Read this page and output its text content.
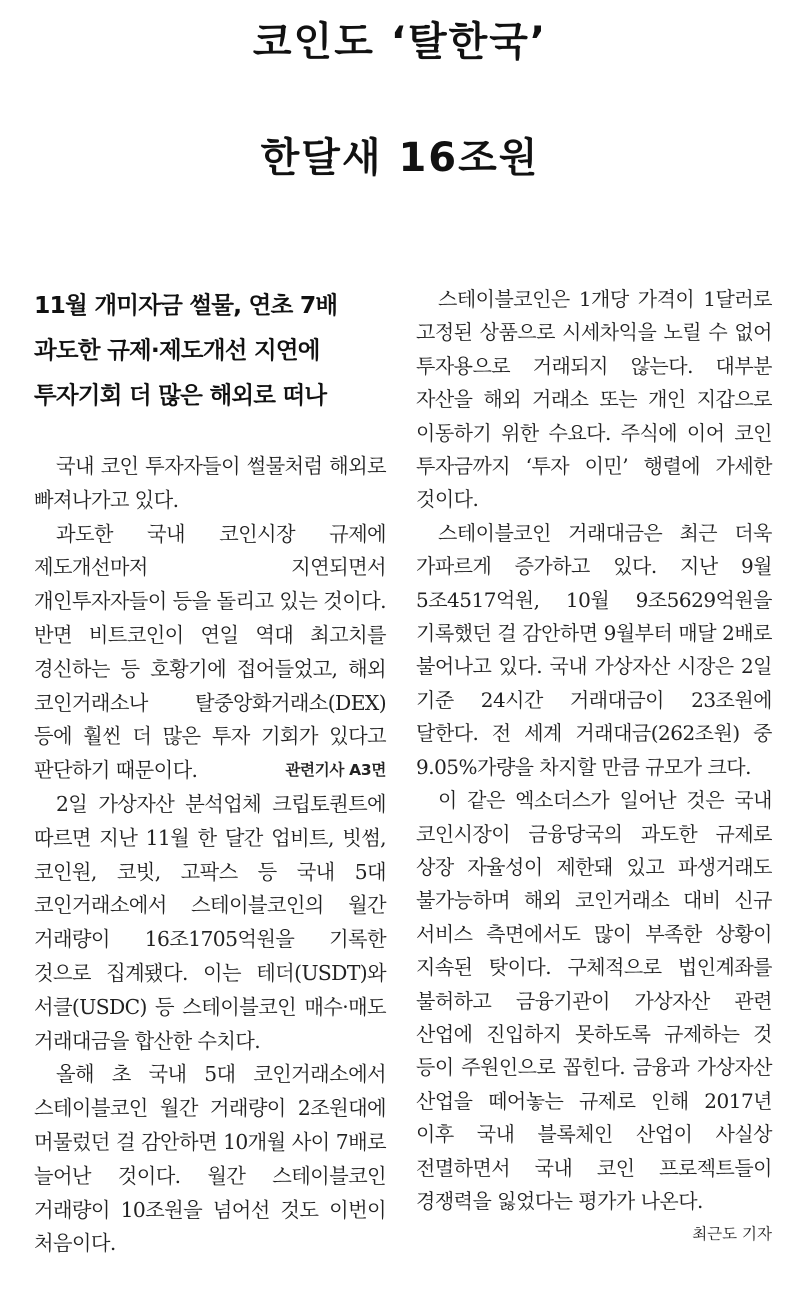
코인도 ‘탈한국’
한달새 16조원
11월 개미자금 썰물, 연초 7배
과도한 규제·제도개선 지연에
투자기회 더 많은 해외로 떠나

국내 코인 투자자들이 썰물처럼 해외로 빠져나가고 있다.

과도한 국내 코인시장 규제에 제도개선마저 지연되면서 개인투자자들이 등을 돌리고 있는 것이다. 반면 비트코인이 연일 역대 최고치를 경신하는 등 호황기에 접어들었고, 해외 코인거래소나 탈중앙화거래소(DEX) 등에 훨씬 더 많은 투자 기회가 있다고 판단하기 때문이다.	관련기사 A3면

2일 가상자산 분석업체 크립토퀀트에 따르면 지난 11월 한 달간 업비트, 빗썸, 코인원, 코빗, 고팍스 등 국내 5대 코인거래소에서 스테이블코인의 월간 거래량이 16조1705억원을 기록한 것으로 집계됐다. 이는 테더(USDT)와 서클(USDC) 등 스테이블코인 매수·매도 거래대금을 합산한 수치다.

올해 초 국내 5대 코인거래소에서 스테이블코인 월간 거래량이 2조원대에 머물렀던 걸 감안하면 10개월 사이 7배로 늘어난 것이다. 월간 스테이블코인 거래량이 10조원을 넘어선 것도 이번이 처음이다.

스테이블코인은 1개당 가격이 1달러로 고정된 상품으로 시세차익을 노릴 수 없어 투자용으로 거래되지 않는다. 대부분 자산을 해외 거래소 또는 개인 지갑으로 이동하기 위한 수요다. 주식에 이어 코인 투자금까지 ‘투자 이민’ 행렬에 가세한 것이다.

스테이블코인 거래대금은 최근 더욱 가파르게 증가하고 있다. 지난 9월 5조4517억원, 10월 9조5629억원을 기록했던 걸 감안하면 9월부터 매달 2배로 불어나고 있다. 국내 가상자산 시장은 2일 기준 24시간 거래대금이 23조원에 달한다. 전 세계 거래대금(262조원) 중 9.05%가량을 차지할 만큼 규모가 크다.

이 같은 엑소더스가 일어난 것은 국내 코인시장이 금융당국의 과도한 규제로 상장 자율성이 제한돼 있고 파생거래도 불가능하며 해외 코인거래소 대비 신규 서비스 측면에서도 많이 부족한 상황이 지속된 탓이다. 구체적으로 법인계좌를 불허하고 금융기관이 가상자산 관련 산업에 진입하지 못하도록 규제하는 것 등이 주원인으로 꼽힌다. 금융과 가상자산 산업을 떼어놓는 규제로 인해 2017년 이후 국내 블록체인 산업이 사실상 전멸하면서 국내 코인 프로젝트들이 경쟁력을 잃었다는 평가가 나온다.
최근도 기자
